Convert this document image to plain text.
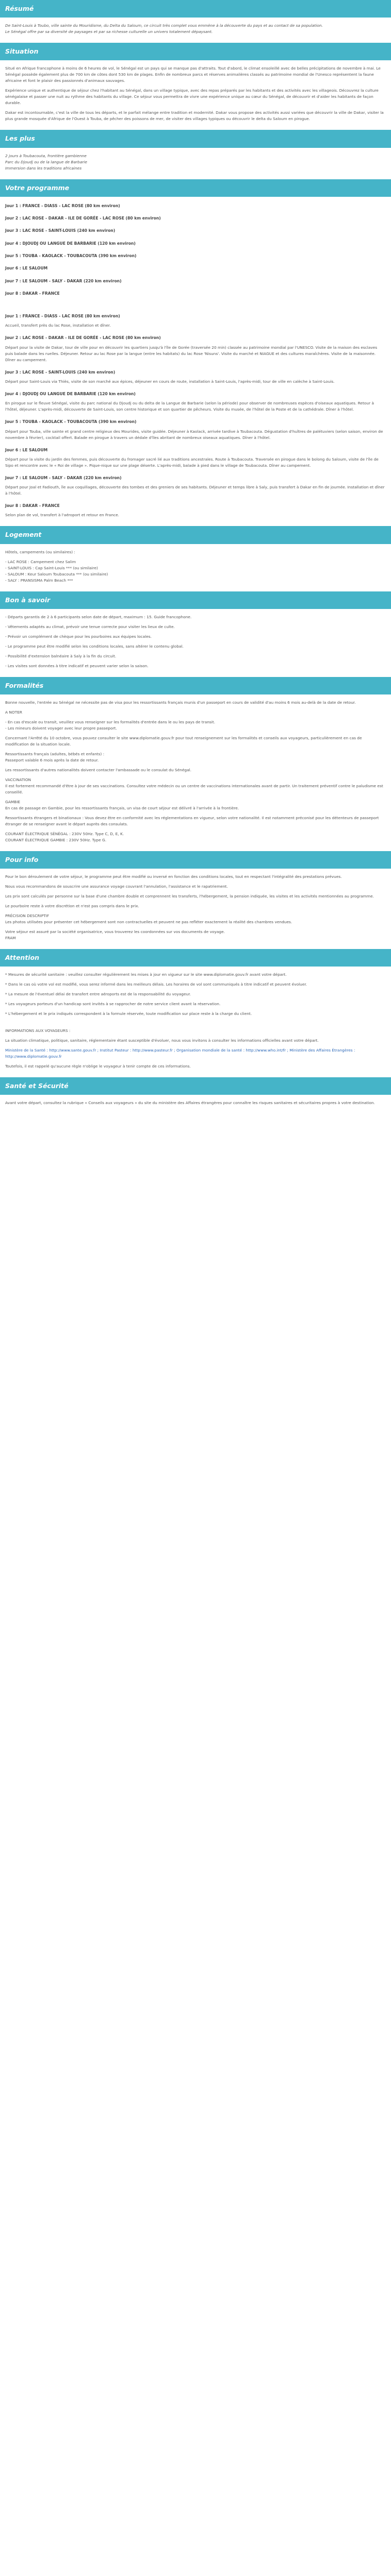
Résumé

De Saint-Louis à Toubo, ville sainte du Mouridisme, du Delta du Saloum, ce circuit très complet vous emmène à la découverte du pays et au contact de sa population.
Le Sénégal offre par sa diversité de paysages et par sa richesse culturelle un univers totalement dépaysant.

Situation

Situé en Afrique francophone à moins de 6 heures de vol, le Sénégal est un pays qui se manque pas d'attraits. Tout d'abord, le climat ensoleillé avec de belles précipitations de novembre à mai. Le Sénégal possède également plus de 700 km de côtes dont 530 km de plages. Enfin de nombreux parcs et réserves animalières classés au patrimoine mondial de l'Unesco représentent la faune africaine et font le plaisir des passionnés d'animaux sauvages.

Expérience unique et authentique de séjour chez l'habitant au Sénégal, dans un village typique, avec des repas préparés par les habitants et des activités avec les villageois. Découvrez la culture sénégalaise et passer une nuit au rythme des habitants du village. Ce séjour vous permettra de vivre une expérience unique au cœur du Sénégal, de découvrir et d'aider les habitants de façon durable.

Dakar est incontournable, c'est la ville de tous les départs, et le parfait mélange entre tradition et modernité. Dakar vous propose des activités aussi variées que découvrir la ville de Dakar, visiter la plus grande mosquée d'Afrique de l'Ouest à Touba, de pêcher des poissons de mer, de visiter des villages typiques ou découvrir le delta du Saloum en pirogue.

Les plus

2 jours à Toubacouta, frontière gambienne
Parc du Djoudj ou de la langue de Barbarie
Immersion dans les traditions africaines

Votre programme
Jour 1 : FRANCE - DIASS - LAC ROSE (80 km environ)
Jour 2 : LAC ROSE - DAKAR - ILE DE GORÉE - LAC ROSE (80 km environ)
Jour 3 : LAC ROSE - SAINT-LOUIS (240 km environ)
Jour 4 : DJOUDJ OU LANGUE DE BARBARIE (120 km environ)
Jour 5 : TOUBA - KAOLACK - TOUBACOUTA (390 km environ)
Jour 6 : LE SALOUM
Jour 7 : LE SALOUM - SALY - DAKAR (220 km environ)
Jour 8 : DAKAR - FRANCE
Jour 1 : FRANCE - DIASS - LAC ROSE (80 km environ)

Accueil, transfert près du lac Rose, installation et dîner.

Jour 2 : LAC ROSE - DAKAR - ILE DE GORÉE - LAC ROSE (80 km environ)

Départ pour la visite de Dakar, tour de ville pour en découvrir les quartiers jusqu'à l'île de Gorée (traversée 20 min) classée au patrimoine mondial par l'UNESCO. Visite de la maison des esclaves puis balade dans les ruelles. Déjeuner. Retour au lac Rose par la langue (entre les habitats) du lac Rose 'Nisuns'. Visite du marché et NIAGUE et des cultures maraîchères. Visite de la maisonnée. Dîner au campement.

Jour 3 : LAC ROSE - SAINT-LOUIS (240 km environ)

Départ pour Saint-Louis via Thiès, visite de son marché aux épices, déjeuner en cours de route, installation à Saint-Louis, l'après-midi, tour de ville en calèche à Saint-Louis.

Jour 4 : DJOUDJ OU LANGUE DE BARBARIE (120 km environ)

En pirogue sur le fleuve Sénégal, visite du parc national du Djoudj ou du delta de la Langue de Barbarie (selon la période) pour observer de nombreuses espèces d'oiseaux aquatiques. Retour à l'hôtel, déjeuner. L'après-midi, découverte de Saint-Louis, son centre historique et son quartier de pêcheurs. Visite du musée, de l'hôtel de la Poste et de la cathédrale. Dîner à l'hôtel.

Jour 5 : TOUBA - KAOLACK - TOUBACOUTA (390 km environ)

Départ pour Touba, ville sainte et grand centre religieux des Mourides, visite guidée. Déjeuner à Kaolack, arrivée tardive à Toubacouta. Dégustation d'huîtres de palétuviers (selon saison, environ de novembre à février), cocktail offert. Balade en pirogue à travers un dédale d'îles abritant de nombreux oiseaux aquatiques. Dîner à l'hôtel.

Jour 6 : LE SALOUM

Départ pour la visite du jardin des femmes, puis découverte du fromager sacré lié aux traditions ancestrales. Route à Toubacouta. Traversée en pirogue dans le bolong du Saloum, visite de l'île de Sipo et rencontre avec le « Roi de village ». Pique-nique sur une plage déserte. L'après-midi, balade à pied dans le village de Toubacouta. Dîner au campement.

Jour 7 : LE SALOUM - SALY - DAKAR (220 km environ)

Départ pour Joal et Fadiouth, île aux coquillages, découverte des tombes et des greniers de ses habitants. Déjeuner et temps libre à Saly, puis transfert à Dakar en fin de journée. Installation et dîner à l'hôtel.

Jour 8 : DAKAR - FRANCE

Selon plan de vol, transfert à l'aéroport et retour en France.

Logement

Hôtels, campements (ou similaires) :

- LAC ROSE : Campement chez Salim
- SAINT-LOUIS : Cap Saint-Louis *** (ou similaire)
- SALOUM : Keur Saloum Toubacouta *** (ou similaire)
- SALY : PRANSISMA Palm Beach ***

Bon à savoir

- Départs garantis de 2 à 6 participants selon date de départ, maximum : 15. Guide francophone.

- Vêtements adaptés au climat, prévoir une tenue correcte pour visiter les lieux de culte.

- Prévoir un complément de chèque pour les pourboires aux équipes locales.

- Le programme peut être modifié selon les conditions locales, sans altérer le contenu global.

- Possibilité d'extension balnéaire à Saly à la fin du circuit.

- Les visites sont données à titre indicatif et peuvent varier selon la saison.

Formalités

Bonne nouvelle, l'entrée au Sénégal ne nécessite pas de visa pour les ressortissants français munis d'un passeport en cours de validité d'au moins 6 mois au-delà de la date de retour.

A NOTER

- En cas d'escale ou transit, veuillez vous renseigner sur les formalités d'entrée dans le ou les pays de transit.
- Les mineurs doivent voyager avec leur propre passeport.

Concernant l'Arrêté du 10 octobre, vous pouvez consulter le site www.diplomatie.gouv.fr pour tout renseignement sur les formalités et conseils aux voyageurs, particulièrement en cas de modification de la situation locale.

Ressortissants français (adultes, bébés et enfants) :
Passeport valable 6 mois après la date de retour.

Les ressortissants d'autres nationalités doivent contacter l'ambassade ou le consulat du Sénégal.

VACCINATION
Il est fortement recommandé d'être à jour de ses vaccinations. Consultez votre médecin ou un centre de vaccinations internationales avant de partir. Un traitement préventif contre le paludisme est conseillé.

GAMBIE
En cas de passage en Gambie, pour les ressortissants français, un visa de court séjour est délivré à l'arrivée à la frontière.

Ressortissants étrangers et binationaux : Vous devez être en conformité avec les réglementations en vigueur, selon votre nationalité. Il est notamment préconisé pour les détenteurs de passeport étranger de se renseigner avant le départ auprès des consulats.

COURANT ÉLECTRIQUE SÉNÉGAL : 230V 50Hz. Type C, D, E, K.
COURANT ÉLECTRIQUE GAMBIE : 230V 50Hz. Type G.

Pour info

Pour le bon déroulement de votre séjour, le programme peut être modifié ou inversé en fonction des conditions locales, tout en respectant l'intégralité des prestations prévues.

Nous vous recommandons de souscrire une assurance voyage couvrant l'annulation, l'assistance et le rapatriement.

Les prix sont calculés par personne sur la base d'une chambre double et comprennent les transferts, l'hébergement, la pension indiquée, les visites et les activités mentionnées au programme.

Le pourboire reste à votre discrétion et n'est pas compris dans le prix.

PRÉCISION DESCRIPTIF
Les photos utilisées pour présenter cet hébergement sont non contractuelles et peuvent ne pas refléter exactement la réalité des chambres vendues.

Votre séjour est assuré par la société organisatrice, vous trouverez les coordonnées sur vos documents de voyage.
FRAM

Attention

* Mesures de sécurité sanitaire : veuillez consulter régulièrement les mises à jour en vigueur sur le site www.diplomatie.gouv.fr avant votre départ.

* Dans le cas où votre vol est modifié, vous serez informé dans les meilleurs délais. Les horaires de vol sont communiqués à titre indicatif et peuvent évoluer.

* La mesure de l'éventuel délai de transfert entre aéroports est de la responsabilité du voyageur.

* Les voyageurs porteurs d'un handicap sont invités à se rapprocher de notre service client avant la réservation.

* L'hébergement et le prix indiqués correspondent à la formule réservée, toute modification sur place reste à la charge du client.

INFORMATIONS AUX VOYAGEURS :

La situation climatique, politique, sanitaire, réglementaire étant susceptible d'évoluer, nous vous invitons à consulter les informations officielles avant votre départ.

Ministère de la Santé : http://www.sante.gouv.fr ; Institut Pasteur : http://www.pasteur.fr ; Organisation mondiale de la santé : http://www.who.int/fr ; Ministère des Affaires Étrangères : http://www.diplomatie.gouv.fr

Toutefois, il est rappelé qu'aucune règle n'oblige le voyageur à tenir compte de ces informations.

Santé et Sécurité

Avant votre départ, consultez la rubrique « Conseils aux voyageurs » du site du ministère des Affaires étrangères pour connaître les risques sanitaires et sécuritaires propres à votre destination.
